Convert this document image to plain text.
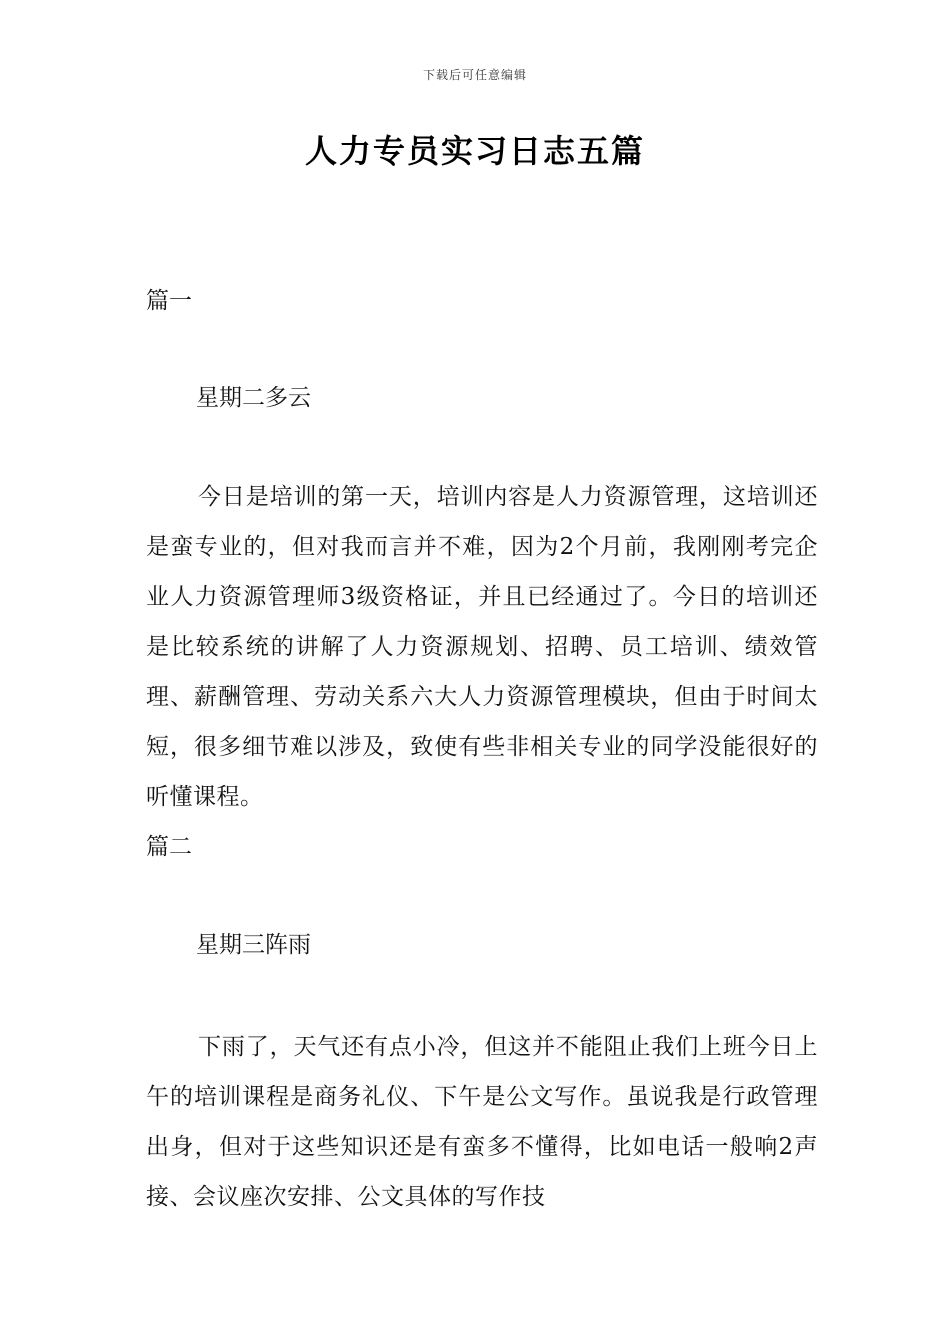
下载后可任意编辑
人力专员实习日志五篇
篇一
星期二多云
今日是培训的第一天，培训内容是人力资源管理，这培训还是蛮专业的，但对我而言并不难，因为2个月前，我刚刚考完企业人力资源管理师3级资格证，并且已经通过了。今日的培训还是比较系统的讲解了人力资源规划、招聘、员工培训、绩效管理、薪酬管理、劳动关系六大人力资源管理模块，但由于时间太短，很多细节难以涉及，致使有些非相关专业的同学没能很好的听懂课程。
篇二
星期三阵雨
下雨了，天气还有点小冷，但这并不能阻止我们上班今日上午的培训课程是商务礼仪、下午是公文写作。虽说我是行政管理出身，但对于这些知识还是有蛮多不懂得，比如电话一般响2声接、会议座次安排、公文具体的写作技
